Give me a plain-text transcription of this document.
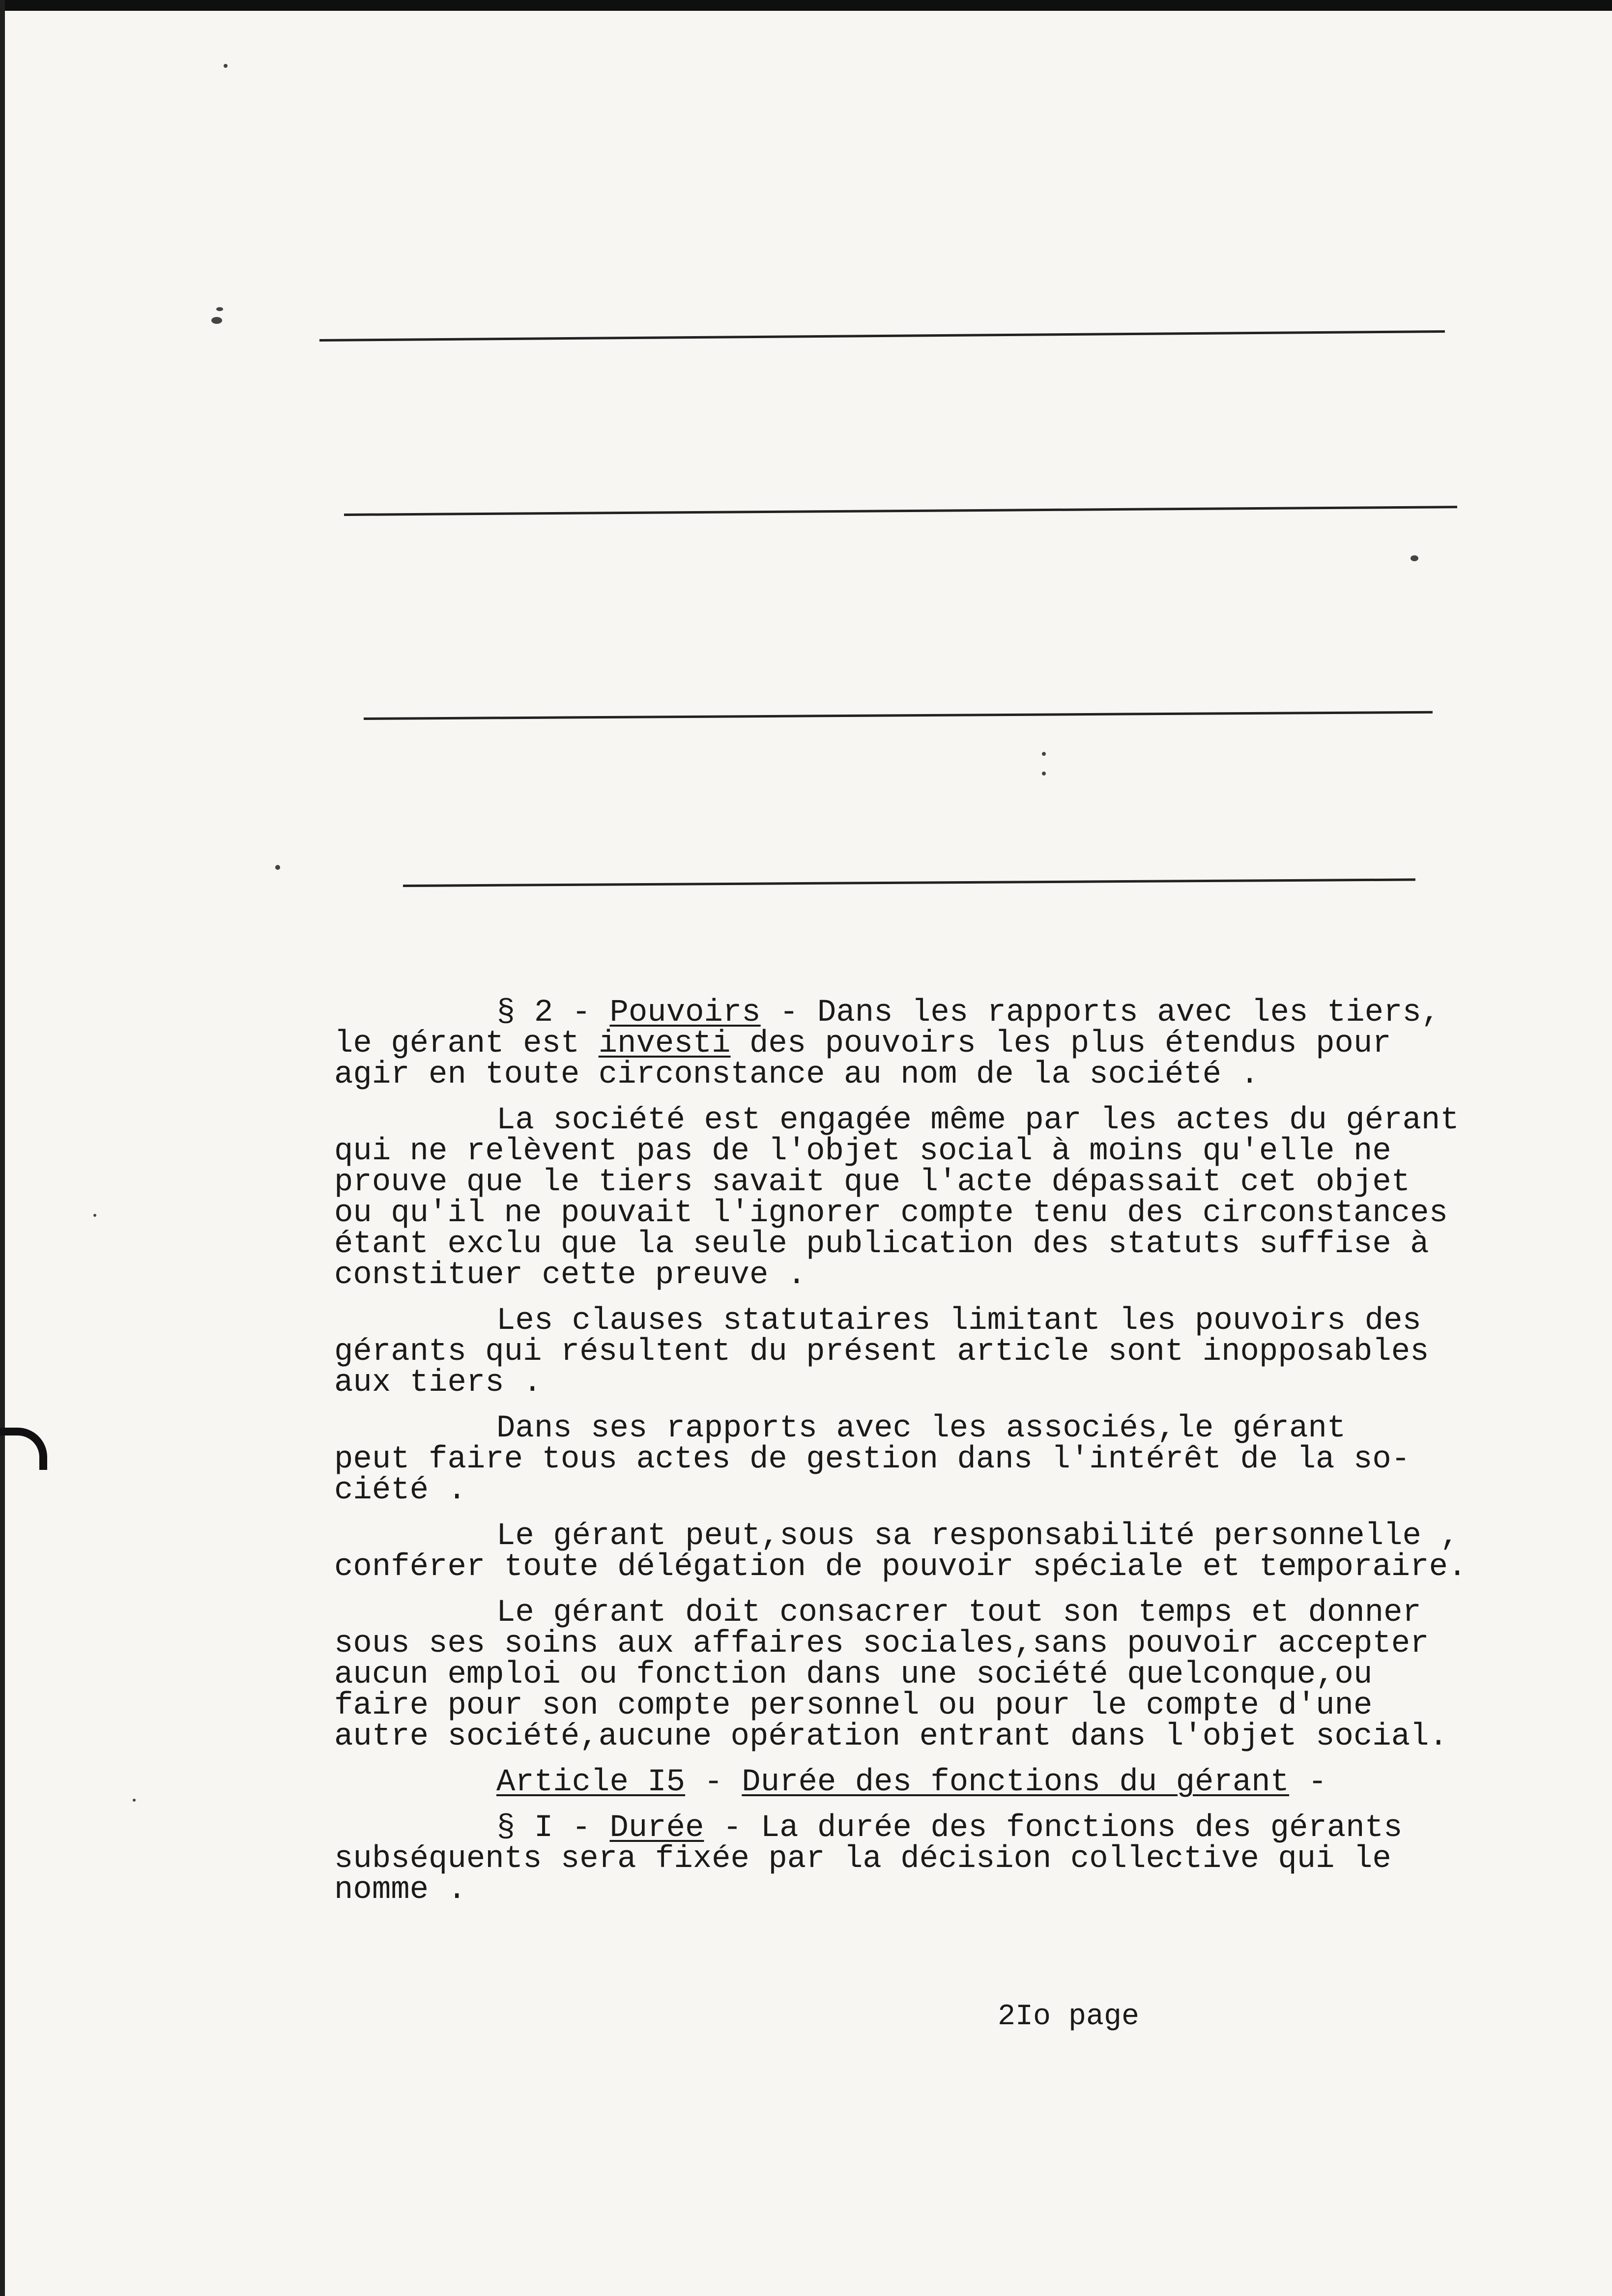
§ 2 - Pouvoirs - Dans les rapports avec les tiers,
le gérant est investi des pouvoirs les plus étendus pour
agir en toute circonstance au nom de la société .
La société est engagée même par les actes du gérant
qui ne relèvent pas de l'objet social à moins qu'elle ne
prouve que le tiers savait que l'acte dépassait cet objet
ou qu'il ne pouvait l'ignorer compte tenu des circonstances
étant exclu que la seule publication des statuts suffise à
constituer cette preuve .
Les clauses statutaires limitant les pouvoirs des
gérants qui résultent du présent article sont inopposables
aux tiers .
Dans ses rapports avec les associés,le gérant
peut faire tous actes de gestion dans l'intérêt de la so-
ciété .
Le gérant peut,sous sa responsabilité personnelle ,
conférer toute délégation de pouvoir spéciale et temporaire.
Le gérant doit consacrer tout son temps et donner
sous ses soins aux affaires sociales,sans pouvoir accepter
aucun emploi ou fonction dans une société quelconque,ou
faire pour son compte personnel ou pour le compte d'une
autre société,aucune opération entrant dans l'objet social.
Article I5 - Durée des fonctions du gérant -
§ I - Durée - La durée des fonctions des gérants
subséquents sera fixée par la décision collective qui le
nomme .
2Io page
